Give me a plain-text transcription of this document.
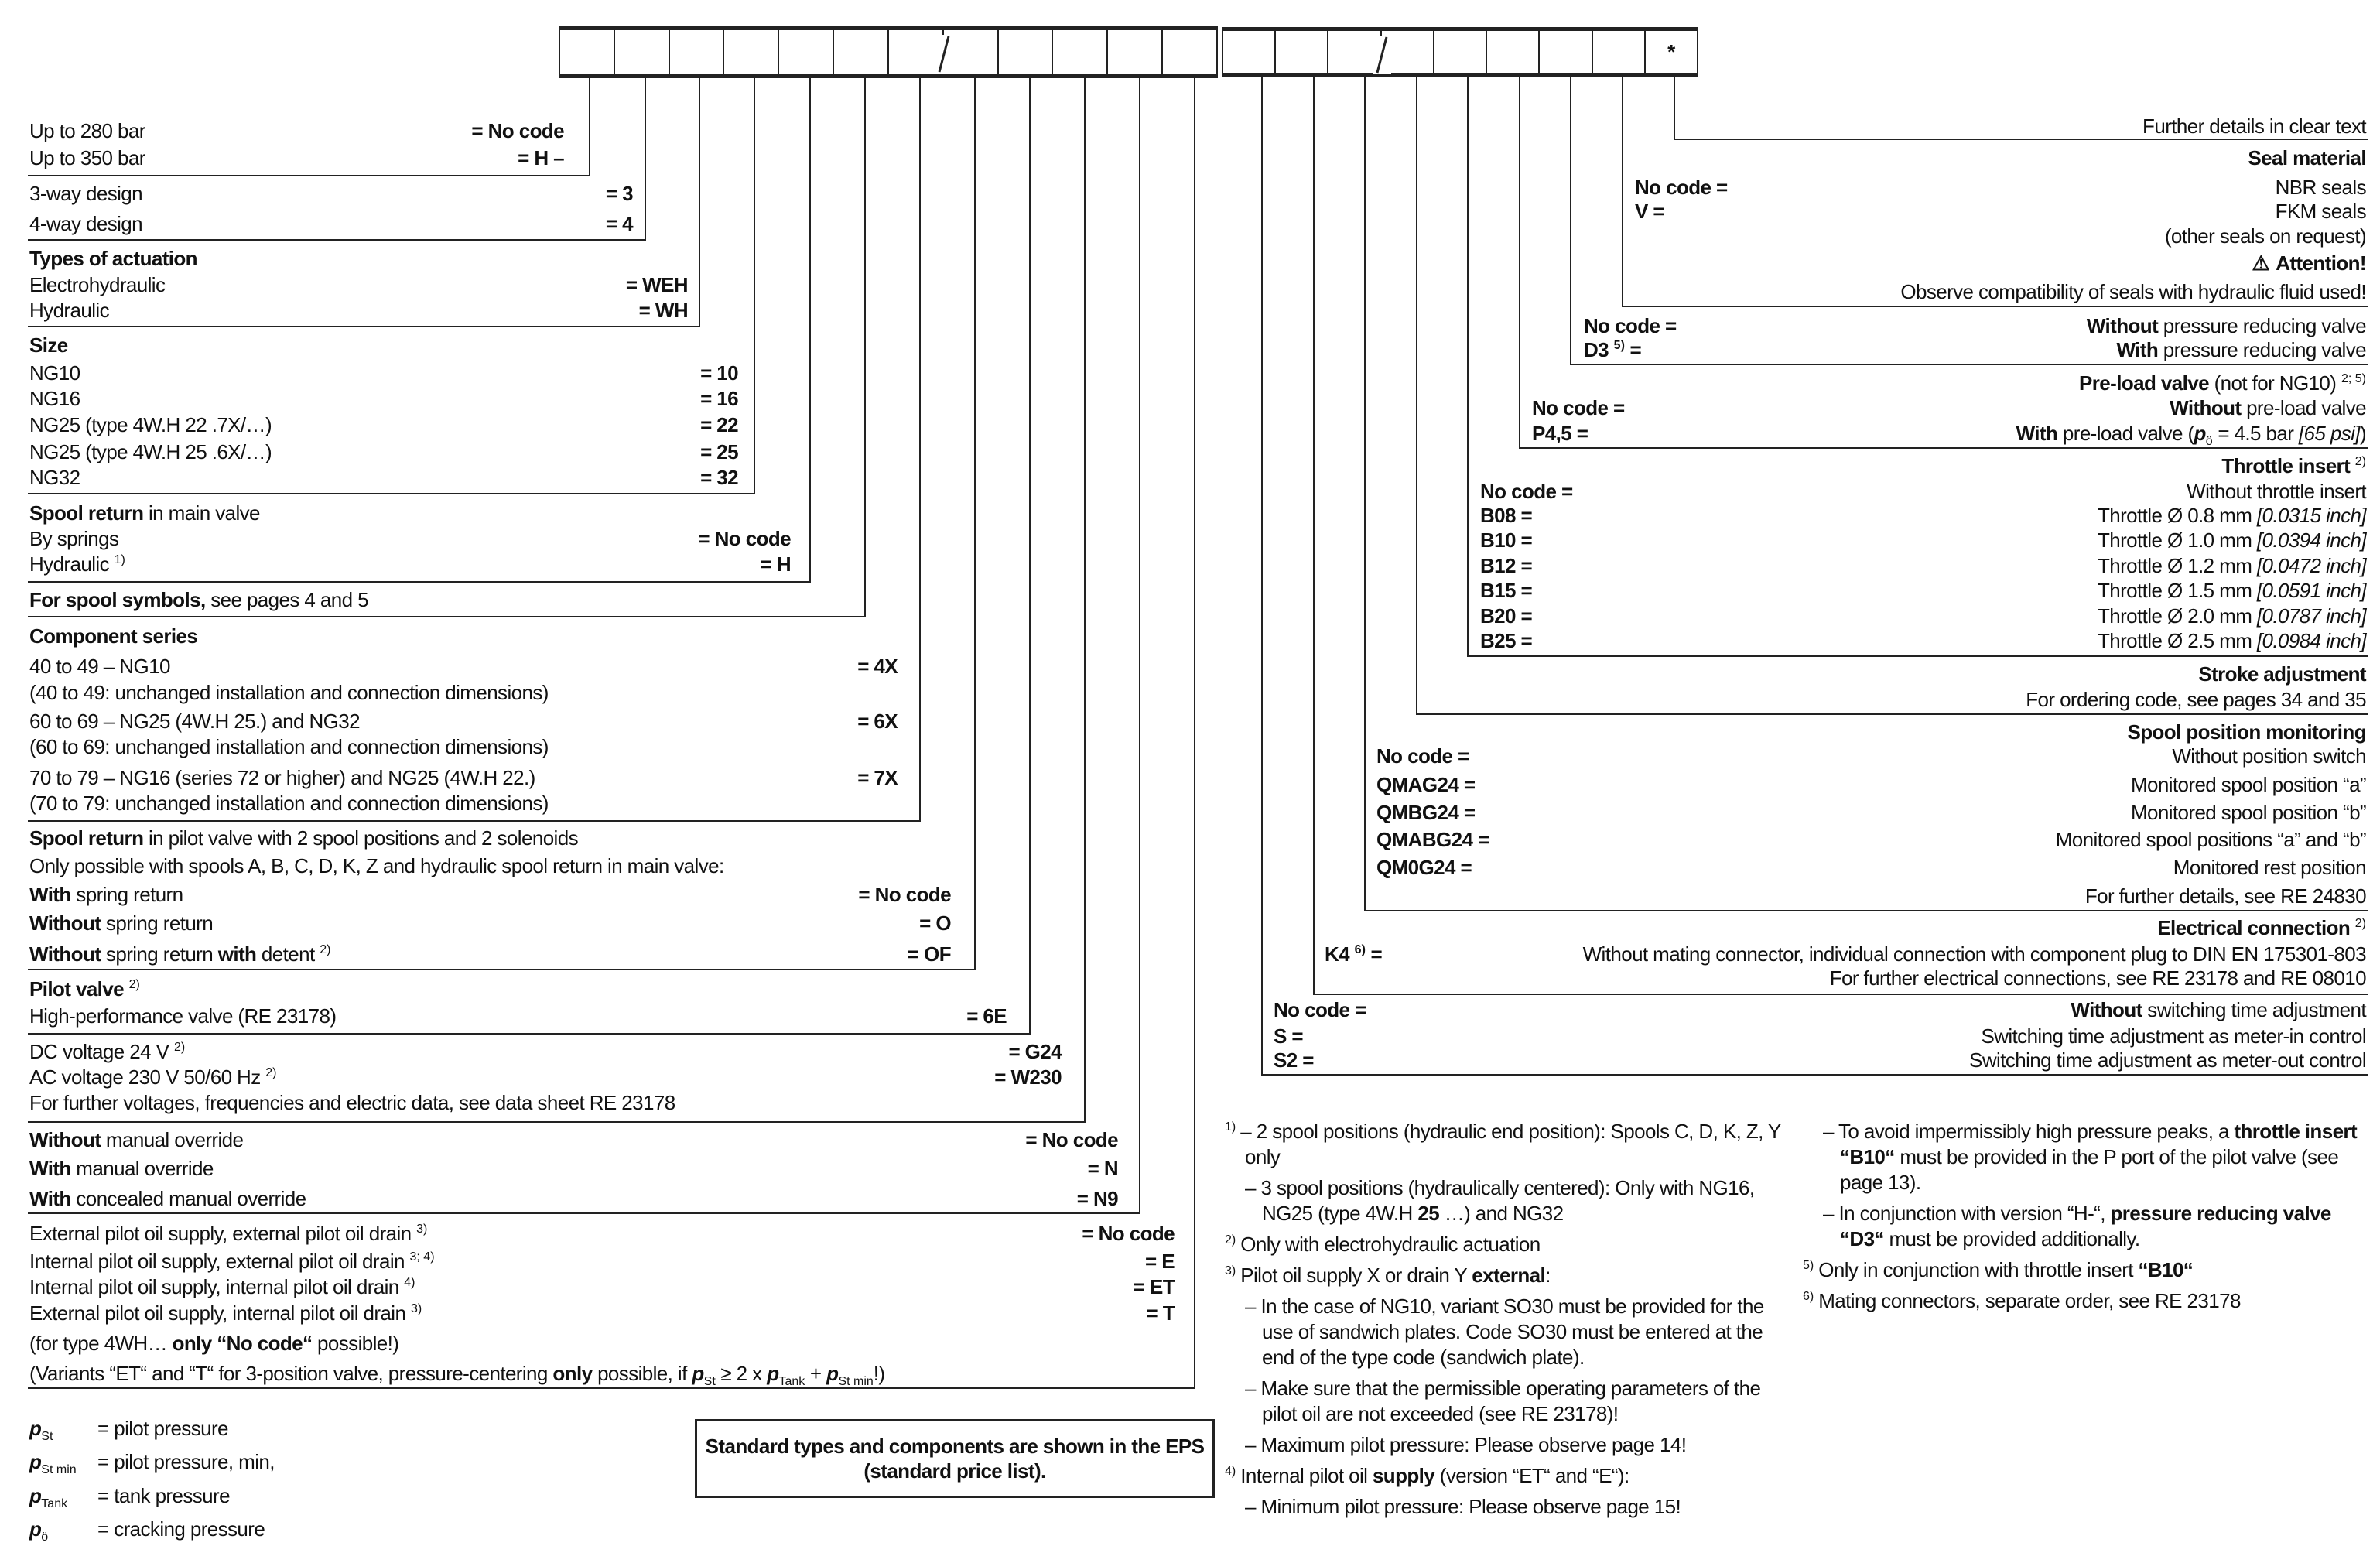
*
Standard types and components are shown in the EPS (standard price list).
$^{1)}$ – 2 spool positions (hydraulic end position): Spools C, D, K, Z, Y only
– 3 spool positions (hydraulically centered): Only with NG16, NG25 (type 4W.H 25 …) and NG32
$^{2)}$ Only with electrohydraulic actuation
$^{3)}$ Pilot oil supply X or drain Y external:
– In the case of NG10, variant SO30 must be provided for the use of sandwich plates. Code SO30 must be entered at the end of the type code (sandwich plate).
– Make sure that the permissible operating parameters of the pilot oil are not exceeded (see RE 23178)!
– Maximum pilot pressure: Please observe page 14!
$^{4)}$ Internal pilot oil supply (version “ET“ and “E“):
– Minimum pilot pressure: Please observe page 15!
– To avoid impermissibly high pressure peaks, a throttle insert “B10“ must be provided in the P port of the pilot valve (see page 13).
– In conjunction with version “H-“, pressure reducing valve “D3“ must be provided additionally.
$^{5)}$ Only in conjunction with throttle insert “B10“
$^{6)}$ Mating connectors, separate order, see RE 23178
Up to 280 bar	= No code
Up to 350 bar	= H –
3-way design	= 3
4-way design	= 4
Types of actuation
Electrohydraulic	= WEH
Hydraulic	= WH
Size
NG10	= 10
NG16	= 16
NG25 (type 4W.H 22 .7X/…)	= 22
NG25 (type 4W.H 25 .6X/…)	= 25
NG32	= 32
Spool return in main valve
By springs	= No code
Hydraulic $^{1)}$	= H
For spool symbols, see pages 4 and 5
Component series
40 to 49 – NG10	= 4X
(40 to 49: unchanged installation and connection dimensions)
60 to 69 – NG25 (4W.H 25.) and NG32	= 6X
(60 to 69: unchanged installation and connection dimensions)
70 to 79 – NG16 (series 72 or higher) and NG25 (4W.H 22.)	= 7X
(70 to 79: unchanged installation and connection dimensions)
Spool return in pilot valve with 2 spool positions and 2 solenoids
Only possible with spools A, B, C, D, K, Z and hydraulic spool return in main valve:
With spring return	= No code
Without spring return	= O
Without spring return with detent $^{2)}$	= OF
Pilot valve $^{2)}$
High-performance valve (RE 23178)	= 6E
DC voltage 24 V $^{2)}$	= G24
AC voltage 230 V 50/60 Hz $^{2)}$	= W230
For further voltages, frequencies and electric data, see data sheet RE 23178
Without manual override	= No code
With manual override	= N
With concealed manual override	= N9
External pilot oil supply, external pilot oil drain $^{3)}$	= No code
Internal pilot oil supply, external pilot oil drain $^{3; 4)}$	= E
Internal pilot oil supply, internal pilot oil drain $^{4)}$	= ET
External pilot oil supply, internal pilot oil drain $^{3)}$	= T
(for type 4WH… only “No code“ possible!)
(Variants “ET“ and “T“ for 3-position valve, pressure-centering only possible, if $p_{St} \ge 2$ x $p_{Tank} + p_{St min}$!)
Further details in clear text
Seal material
No code =	NBR seals
V =	FKM seals
(other seals on request)
⚠ Attention!
Observe compatibility of seals with hydraulic fluid used!
No code =	Without pressure reducing valve
D3 $^{5)}$ =	With pressure reducing valve
Pre-load valve (not for NG10) $^{2; 5)}$
No code =	Without pre-load valve
P4,5 =	With pre-load valve ($p_ö = 4.5$ bar [65 psi])
Throttle insert $^{2)}$
No code =	Without throttle insert
B08 =	Throttle Ø 0.8 mm [0.0315 inch]
B10 =	Throttle Ø 1.0 mm [0.0394 inch]
B12 =	Throttle Ø 1.2 mm [0.0472 inch]
B15 =	Throttle Ø 1.5 mm [0.0591 inch]
B20 =	Throttle Ø 2.0 mm [0.0787 inch]
B25 =	Throttle Ø 2.5 mm [0.0984 inch]
Stroke adjustment
For ordering code, see pages 34 and 35
Spool position monitoring
No code =	Without position switch
QMAG24 =	Monitored spool position “a”
QMBG24 =	Monitored spool position “b”
QMABG24 =	Monitored spool positions “a” and “b”
QM0G24 =	Monitored rest position
For further details, see RE 24830
Electrical connection $^{2)}$
K4 $^{6)}$ =	Without mating connector, individual connection with component plug to DIN EN 175301-803
For further electrical connections, see RE 23178 and RE 08010
No code =	Without switching time adjustment
S =	Switching time adjustment as meter-in control
S2 =	Switching time adjustment as meter-out control
$p_{St}$ = pilot pressure
$p_{St min}$ = pilot pressure, min,
$p_{Tank} = \tan k$ pressure
$p_ö$ = cracking pressure
